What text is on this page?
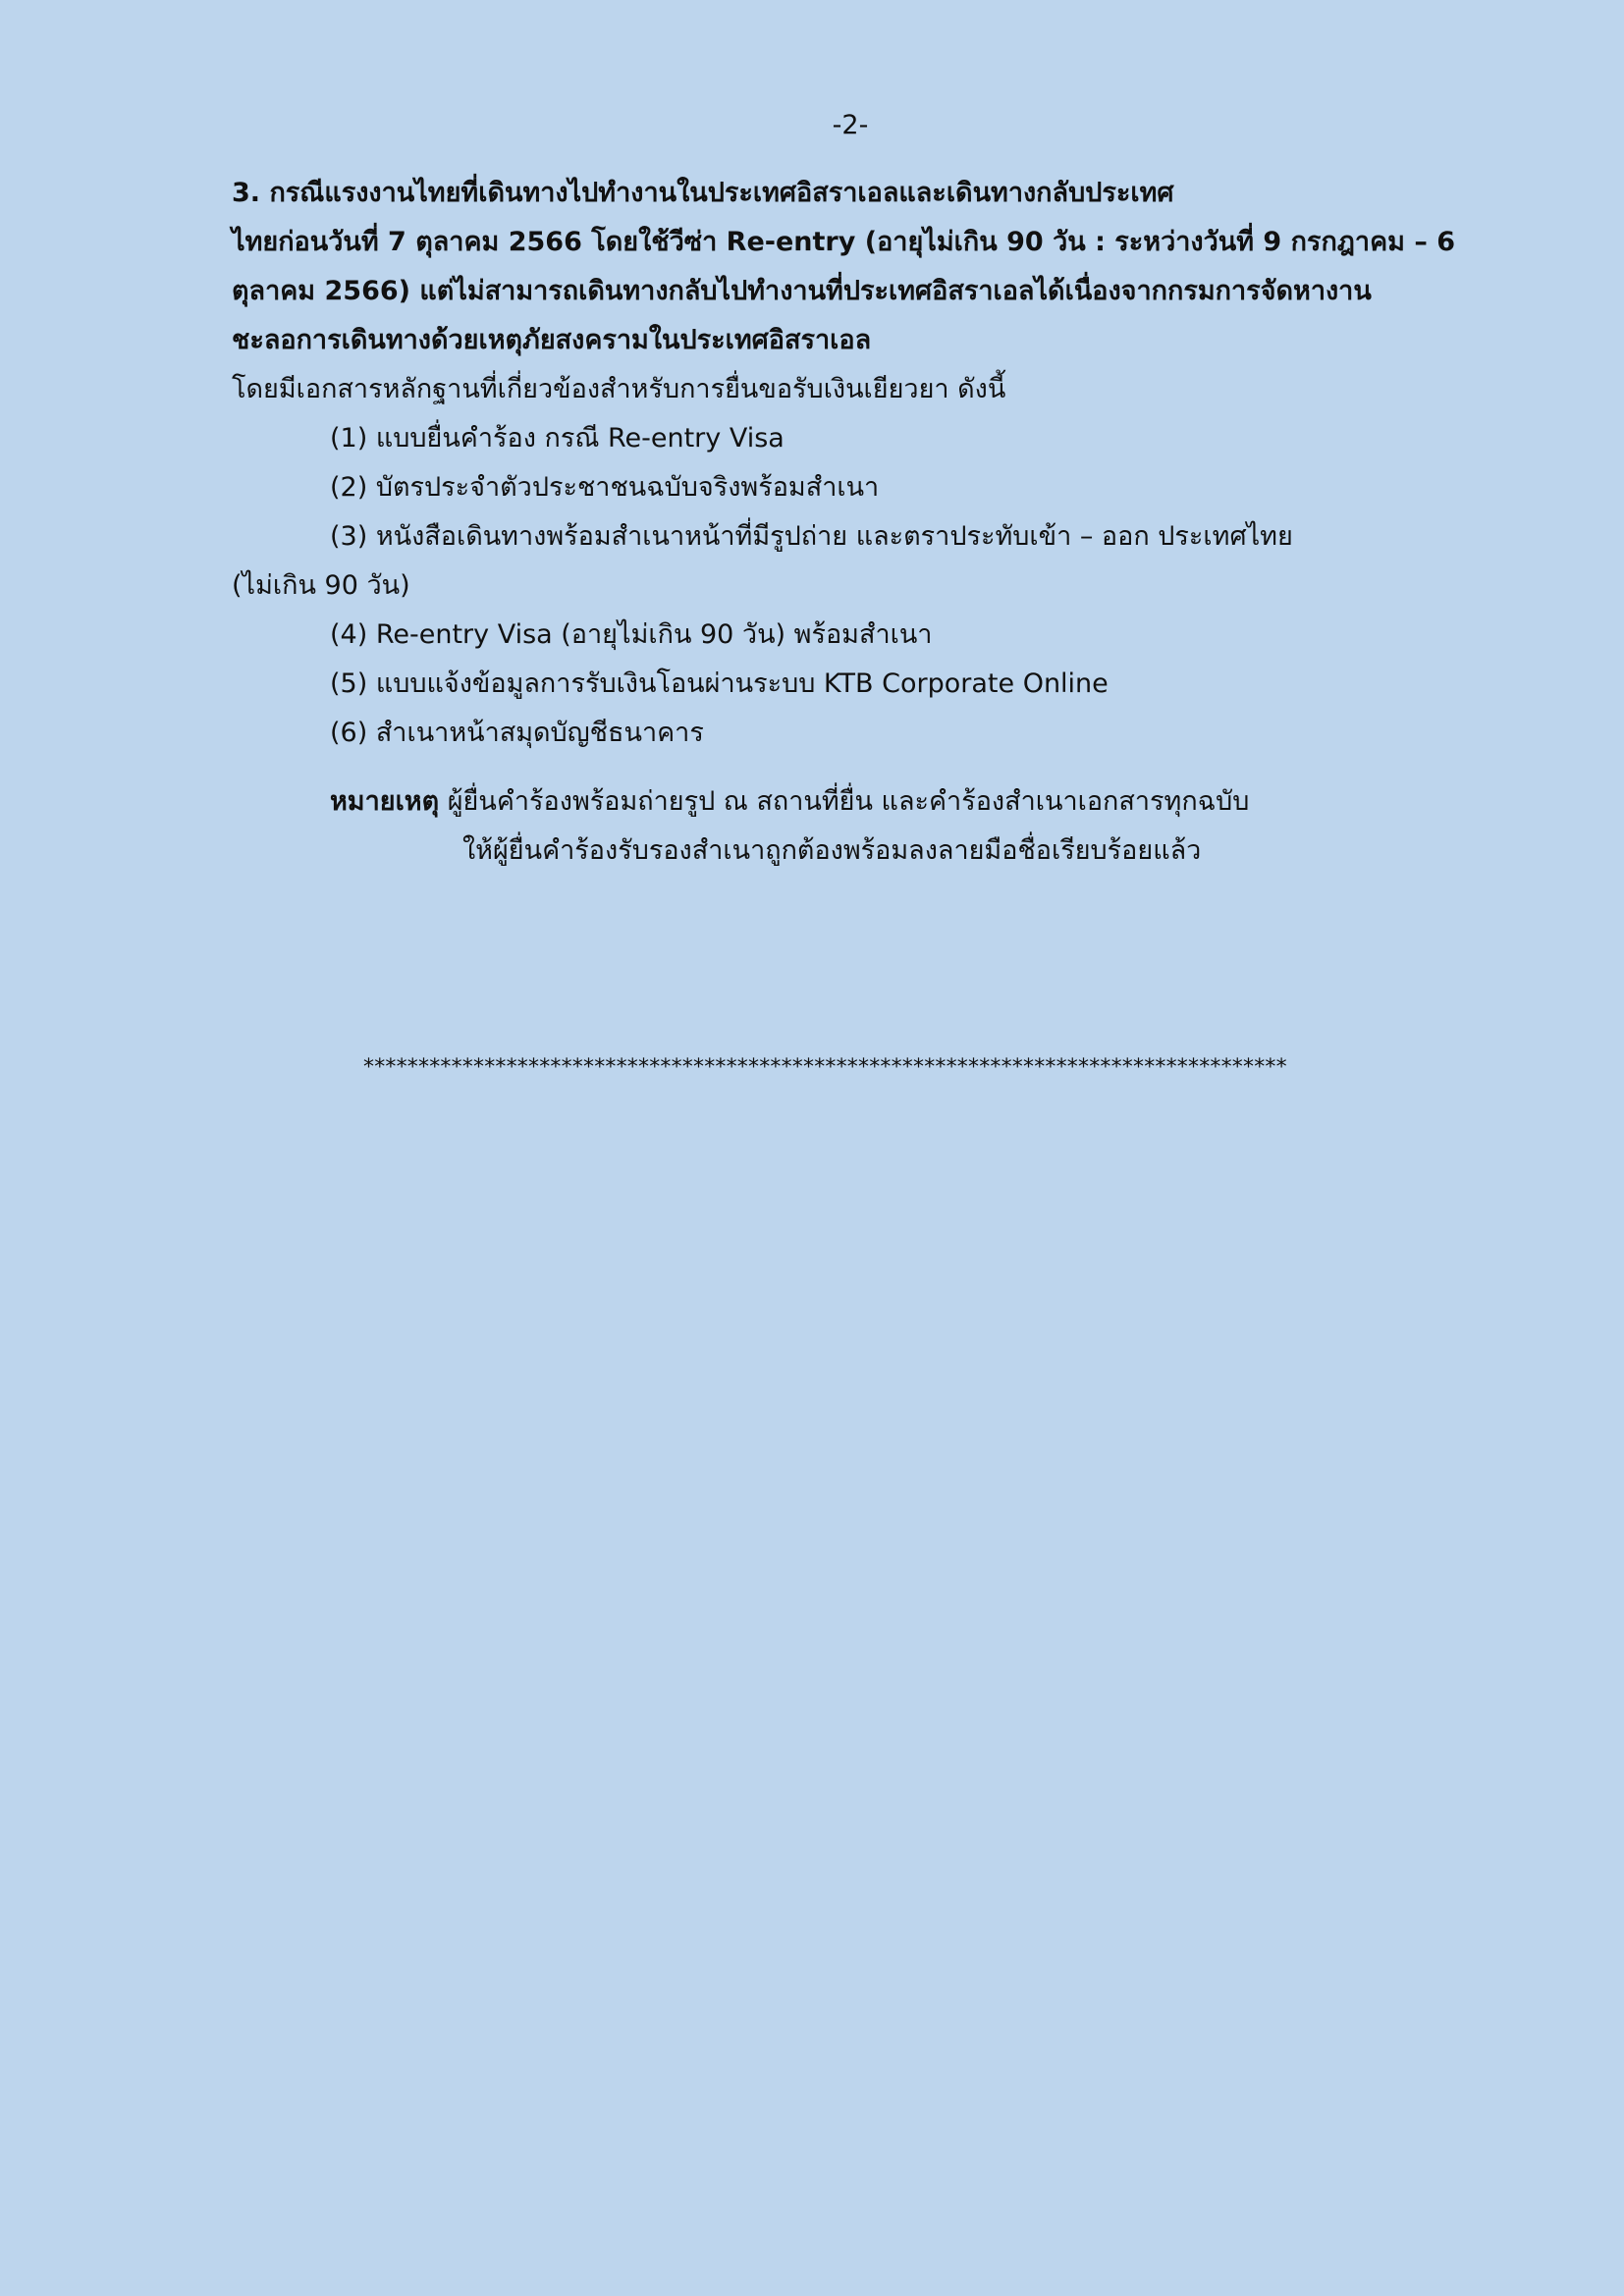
-2-
3. กรณีแรงงานไทยที่เดินทางไปทำงานในประเทศอิสราเอลและเดินทางกลับประเทศ
ไทยก่อนวันที่ 7 ตุลาคม 2566 โดยใช้วีซ่า Re-entry (อายุไม่เกิน 90 วัน : ระหว่างวันที่ 9 กรกฎาคม – 6
ตุลาคม 2566) แต่ไม่สามารถเดินทางกลับไปทำงานที่ประเทศอิสราเอลได้เนื่องจากกรมการจัดหางาน
ชะลอการเดินทางด้วยเหตุภัยสงครามในประเทศอิสราเอล
โดยมีเอกสารหลักฐานที่เกี่ยวข้องสำหรับการยื่นขอรับเงินเยียวยา ดังนี้
(1) แบบยื่นคำร้อง กรณี Re-entry Visa
(2) บัตรประจำตัวประชาชนฉบับจริงพร้อมสำเนา
(3) หนังสือเดินทางพร้อมสำเนาหน้าที่มีรูปถ่าย และตราประทับเข้า – ออก ประเทศไทย
(ไม่เกิน 90 วัน)
(4) Re-entry Visa (อายุไม่เกิน 90 วัน) พร้อมสำเนา
(5) แบบแจ้งข้อมูลการรับเงินโอนผ่านระบบ KTB Corporate Online
(6) สำเนาหน้าสมุดบัญชีธนาคาร
หมายเหตุ ผู้ยื่นคำร้องพร้อมถ่ายรูป ณ สถานที่ยื่น และคำร้องสำเนาเอกสารทุกฉบับ
ให้ผู้ยื่นคำร้องรับรองสำเนาถูกต้องพร้อมลงลายมือชื่อเรียบร้อยแล้ว
************************************************************************************
